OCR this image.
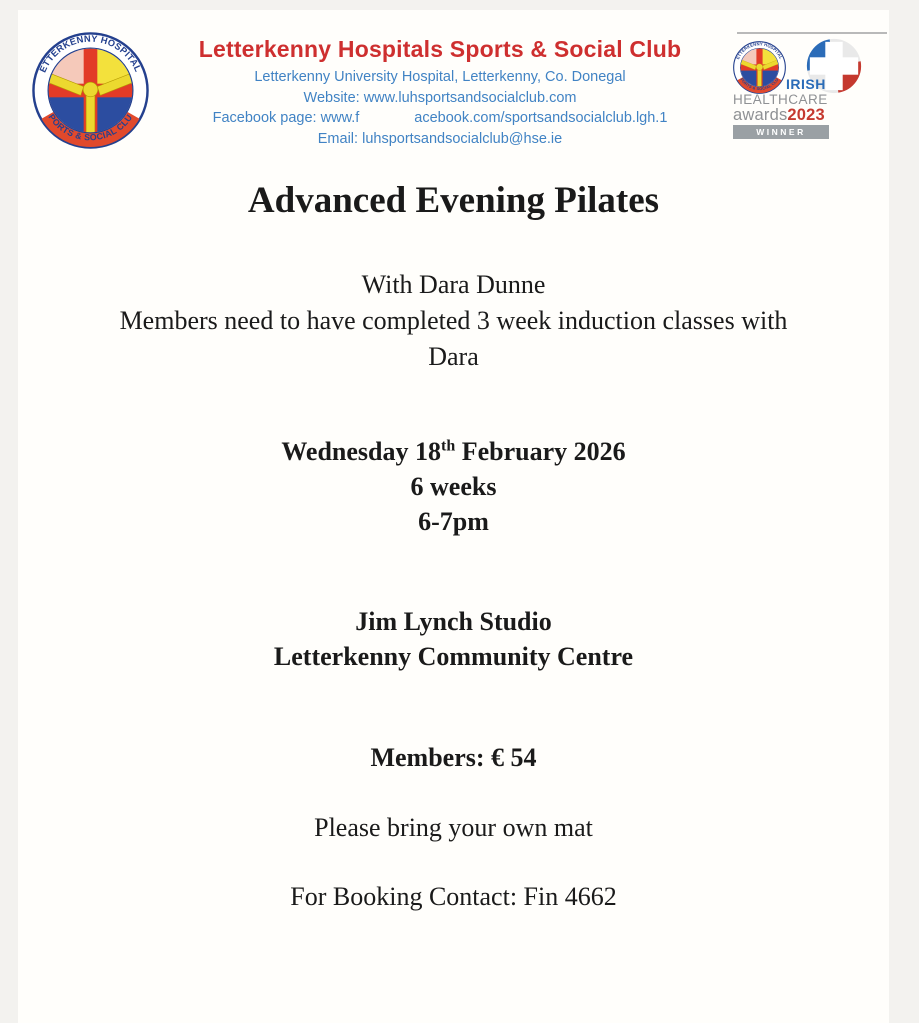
Letterkenny Hospitals Sports & Social Club
Letterkenny University Hospital, Letterkenny, Co. Donegal
Website: www.luhsportsandsocialclub.com
Facebook page: www.f	acebook.com/sportsandsocialclub.lgh.1
Email: luhsportsandsocialclub@hse.ie
IRISH
HEALTHCARE
awards2023
WINNER
Advanced Evening Pilates
With Dara Dunne
Members need to have completed 3 week induction classes with
Dara
Wednesday 18th February 2026
6 weeks
6-7pm
Jim Lynch Studio
Letterkenny Community Centre
Members: € 54
Please bring your own mat
For Booking Contact: Fin 4662
